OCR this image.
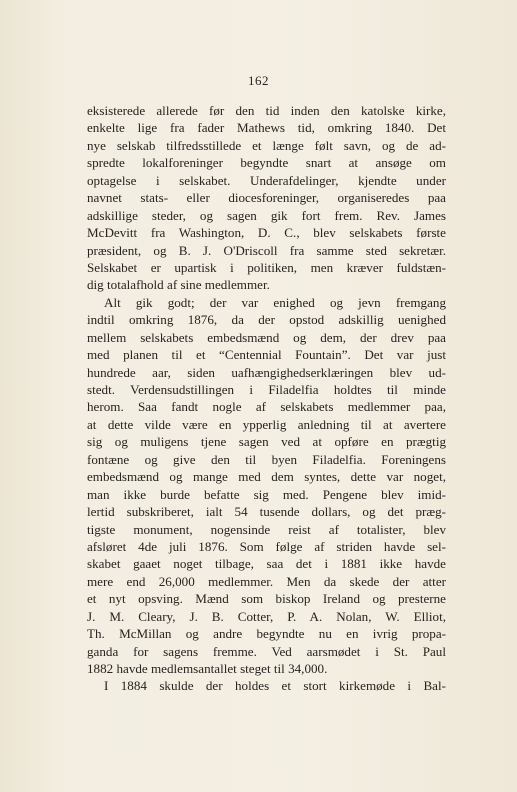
162
eksisterede allerede før den tid inden den katolske kirke,
enkelte lige fra fader Mathews tid, omkring 1840. Det
nye selskab tilfredsstillede et længe følt savn, og de ad-
spredte lokalforeninger begyndte snart at ansøge om
optagelse i selskabet. Underafdelinger, kjendte under
navnet stats- eller diocesforeninger, organiseredes paa
adskillige steder, og sagen gik fort frem. Rev. James
McDevitt fra Washington, D. C., blev selskabets første
præsident, og B. J. O'Driscoll fra samme sted sekretær.
Selskabet er upartisk i politiken, men kræver fuldstæn-
dig totalafhold af sine medlemmer.
Alt gik godt; der var enighed og jevn fremgang
indtil omkring 1876, da der opstod adskillig uenighed
mellem selskabets embedsmænd og dem, der drev paa
med planen til et “Centennial Fountain”. Det var just
hundrede aar, siden uafhængighedserklæringen blev ud-
stedt. Verdensudstillingen i Filadelfia holdtes til minde
herom. Saa fandt nogle af selskabets medlemmer paa,
at dette vilde være en ypperlig anledning til at avertere
sig og muligens tjene sagen ved at opføre en prægtig
fontæne og give den til byen Filadelfia. Foreningens
embedsmænd og mange med dem syntes, dette var noget,
man ikke burde befatte sig med. Pengene blev imid-
lertid subskriberet, ialt 54 tusende dollars, og det præg-
tigste monument, nogensinde reist af totalister, blev
afsløret 4de juli 1876. Som følge af striden havde sel-
skabet gaaet noget tilbage, saa det i 1881 ikke havde
mere end 26,000 medlemmer. Men da skede der atter
et nyt opsving. Mænd som biskop Ireland og presterne
J. M. Cleary, J. B. Cotter, P. A. Nolan, W. Elliot,
Th. McMillan og andre begyndte nu en ivrig propa-
ganda for sagens fremme. Ved aarsmødet i St. Paul
1882 havde medlemsantallet steget til 34,000.
I 1884 skulde der holdes et stort kirkemøde i Bal-
